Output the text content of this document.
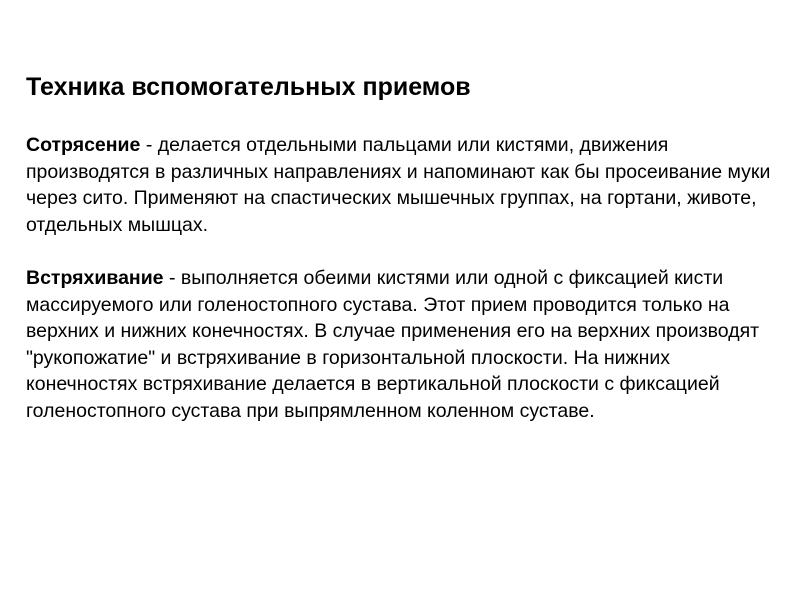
Техника вспомогательных приемов

Сотрясение - делается отдельными пальцами или кистями, движения производятся в различных направлениях и напоминают как бы просеивание муки через сито. Применяют на спастических мышечных группах, на гортани, животе, отдельных мышцах.

Встряхивание - выполняется обеими кистями или одной с фиксацией кисти массируемого или голеностопного сустава. Этот прием проводится только на верхних и нижних конечностях. В случае применения его на верхних производят "рукопожатие" и встряхивание в горизонтальной плоскости. На нижних конечностях встряхивание делается в вертикальной плоскости с фиксацией голеностопного сустава при выпрямленном коленном суставе.
